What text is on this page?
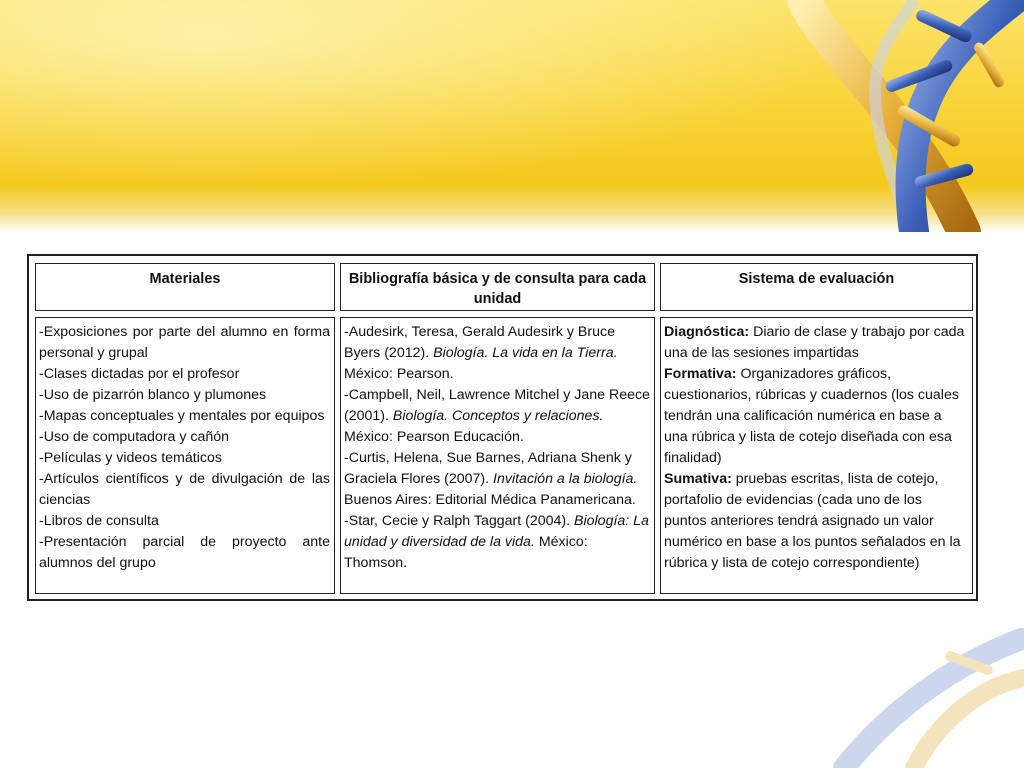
Materiales	Bibliografía básica y de consulta para cada unidad
Sistema de evaluación
-Exposiciones por parte del alumno en forma personal y grupal
-Clases dictadas por el profesor
-Uso de pizarrón blanco y plumones
-Mapas conceptuales y mentales por equipos
-Uso de computadora y cañón
-Películas y videos temáticos
-Artículos científicos y de divulgación de las ciencias
-Libros de consulta
-Presentación parcial de proyecto ante alumnos del grupo
-Audesirk, Teresa, Gerald Audesirk y Bruce Byers (2012). Biología. La vida en la Tierra. México: Pearson.
-Campbell, Neil, Lawrence Mitchel y Jane Reece (2001). Biología. Conceptos y relaciones. México: Pearson Educación.
-Curtis, Helena, Sue Barnes, Adriana Shenk y Graciela Flores (2007). Invitación a la biología. Buenos Aires: Editorial Médica Panamericana.
-Star, Cecie y Ralph Taggart (2004). Biología: La unidad y diversidad de la vida. México: Thomson.
Diagnóstica: Diario de clase y trabajo por cada una de las sesiones impartidas
Formativa: Organizadores gráficos, cuestionarios, rúbricas y cuadernos (los cuales tendrán una calificación numérica en base a una rúbrica y lista de cotejo diseñada con esa finalidad)
Sumativa: pruebas escritas, lista de cotejo, portafolio de evidencias (cada uno de los puntos anteriores tendrá asignado un valor numérico en base a los puntos señalados en la rúbrica y lista de cotejo correspondiente)
